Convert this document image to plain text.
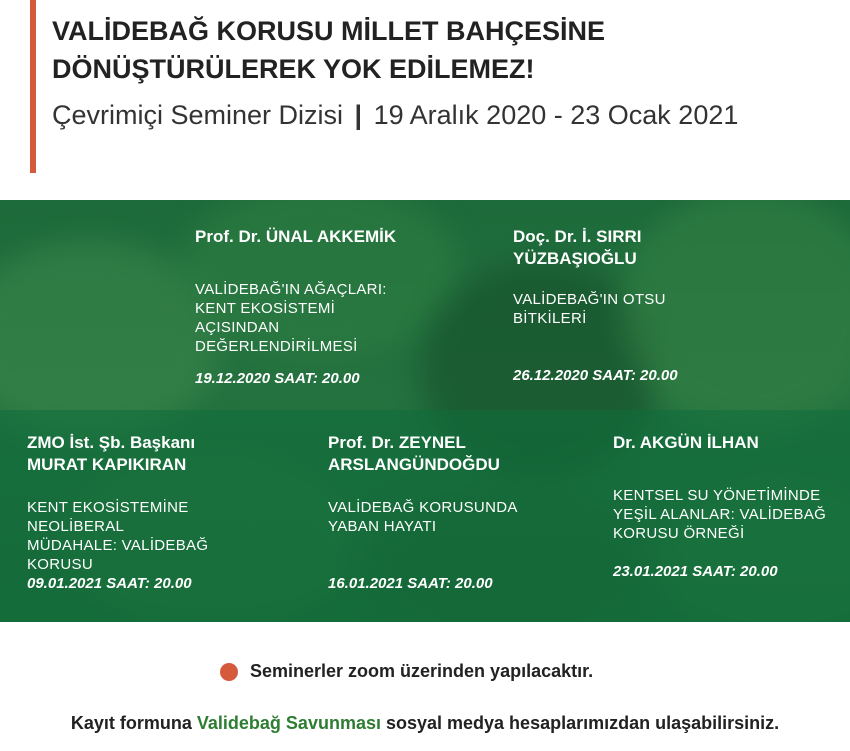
VALİDEBAĞ KORUSU MİLLET BAHÇESİNE
DÖNÜŞTÜRÜLEREK YOK EDİLEMEZ!
Çevrimiçi Seminer Dizisi | 19 Aralık 2020 - 23 Ocak 2021
Prof. Dr. ÜNAL AKKEMİK
VALİDEBAĞ'IN AĞAÇLARI:
KENT EKOSİSTEMİ
AÇISINDAN
DEĞERLENDİRİLMESİ
19.12.2020 SAAT: 20.00
Doç. Dr. İ. SIRRI
YÜZBAŞIOĞLU
VALİDEBAĞ'IN OTSU
BİTKİLERİ
26.12.2020 SAAT: 20.00
ZMO İst. Şb. Başkanı
MURAT KAPIKIRAN
KENT EKOSİSTEMİNE
NEOLİBERAL
MÜDAHALE: VALİDEBAĞ
KORUSU
09.01.2021 SAAT: 20.00
Prof. Dr. ZEYNEL
ARSLANGÜNDOĞDU
VALİDEBAĞ KORUSUNDA
YABAN HAYATI
16.01.2021 SAAT: 20.00
Dr. AKGÜN İLHAN
KENTSEL SU YÖNETİMİNDE
YEŞİL ALANLAR: VALİDEBAĞ
KORUSU ÖRNEĞİ
23.01.2021 SAAT: 20.00
Seminerler zoom üzerinden yapılacaktır.
Kayıt formuna Validebağ Savunması sosyal medya hesaplarımızdan ulaşabilirsiniz.
